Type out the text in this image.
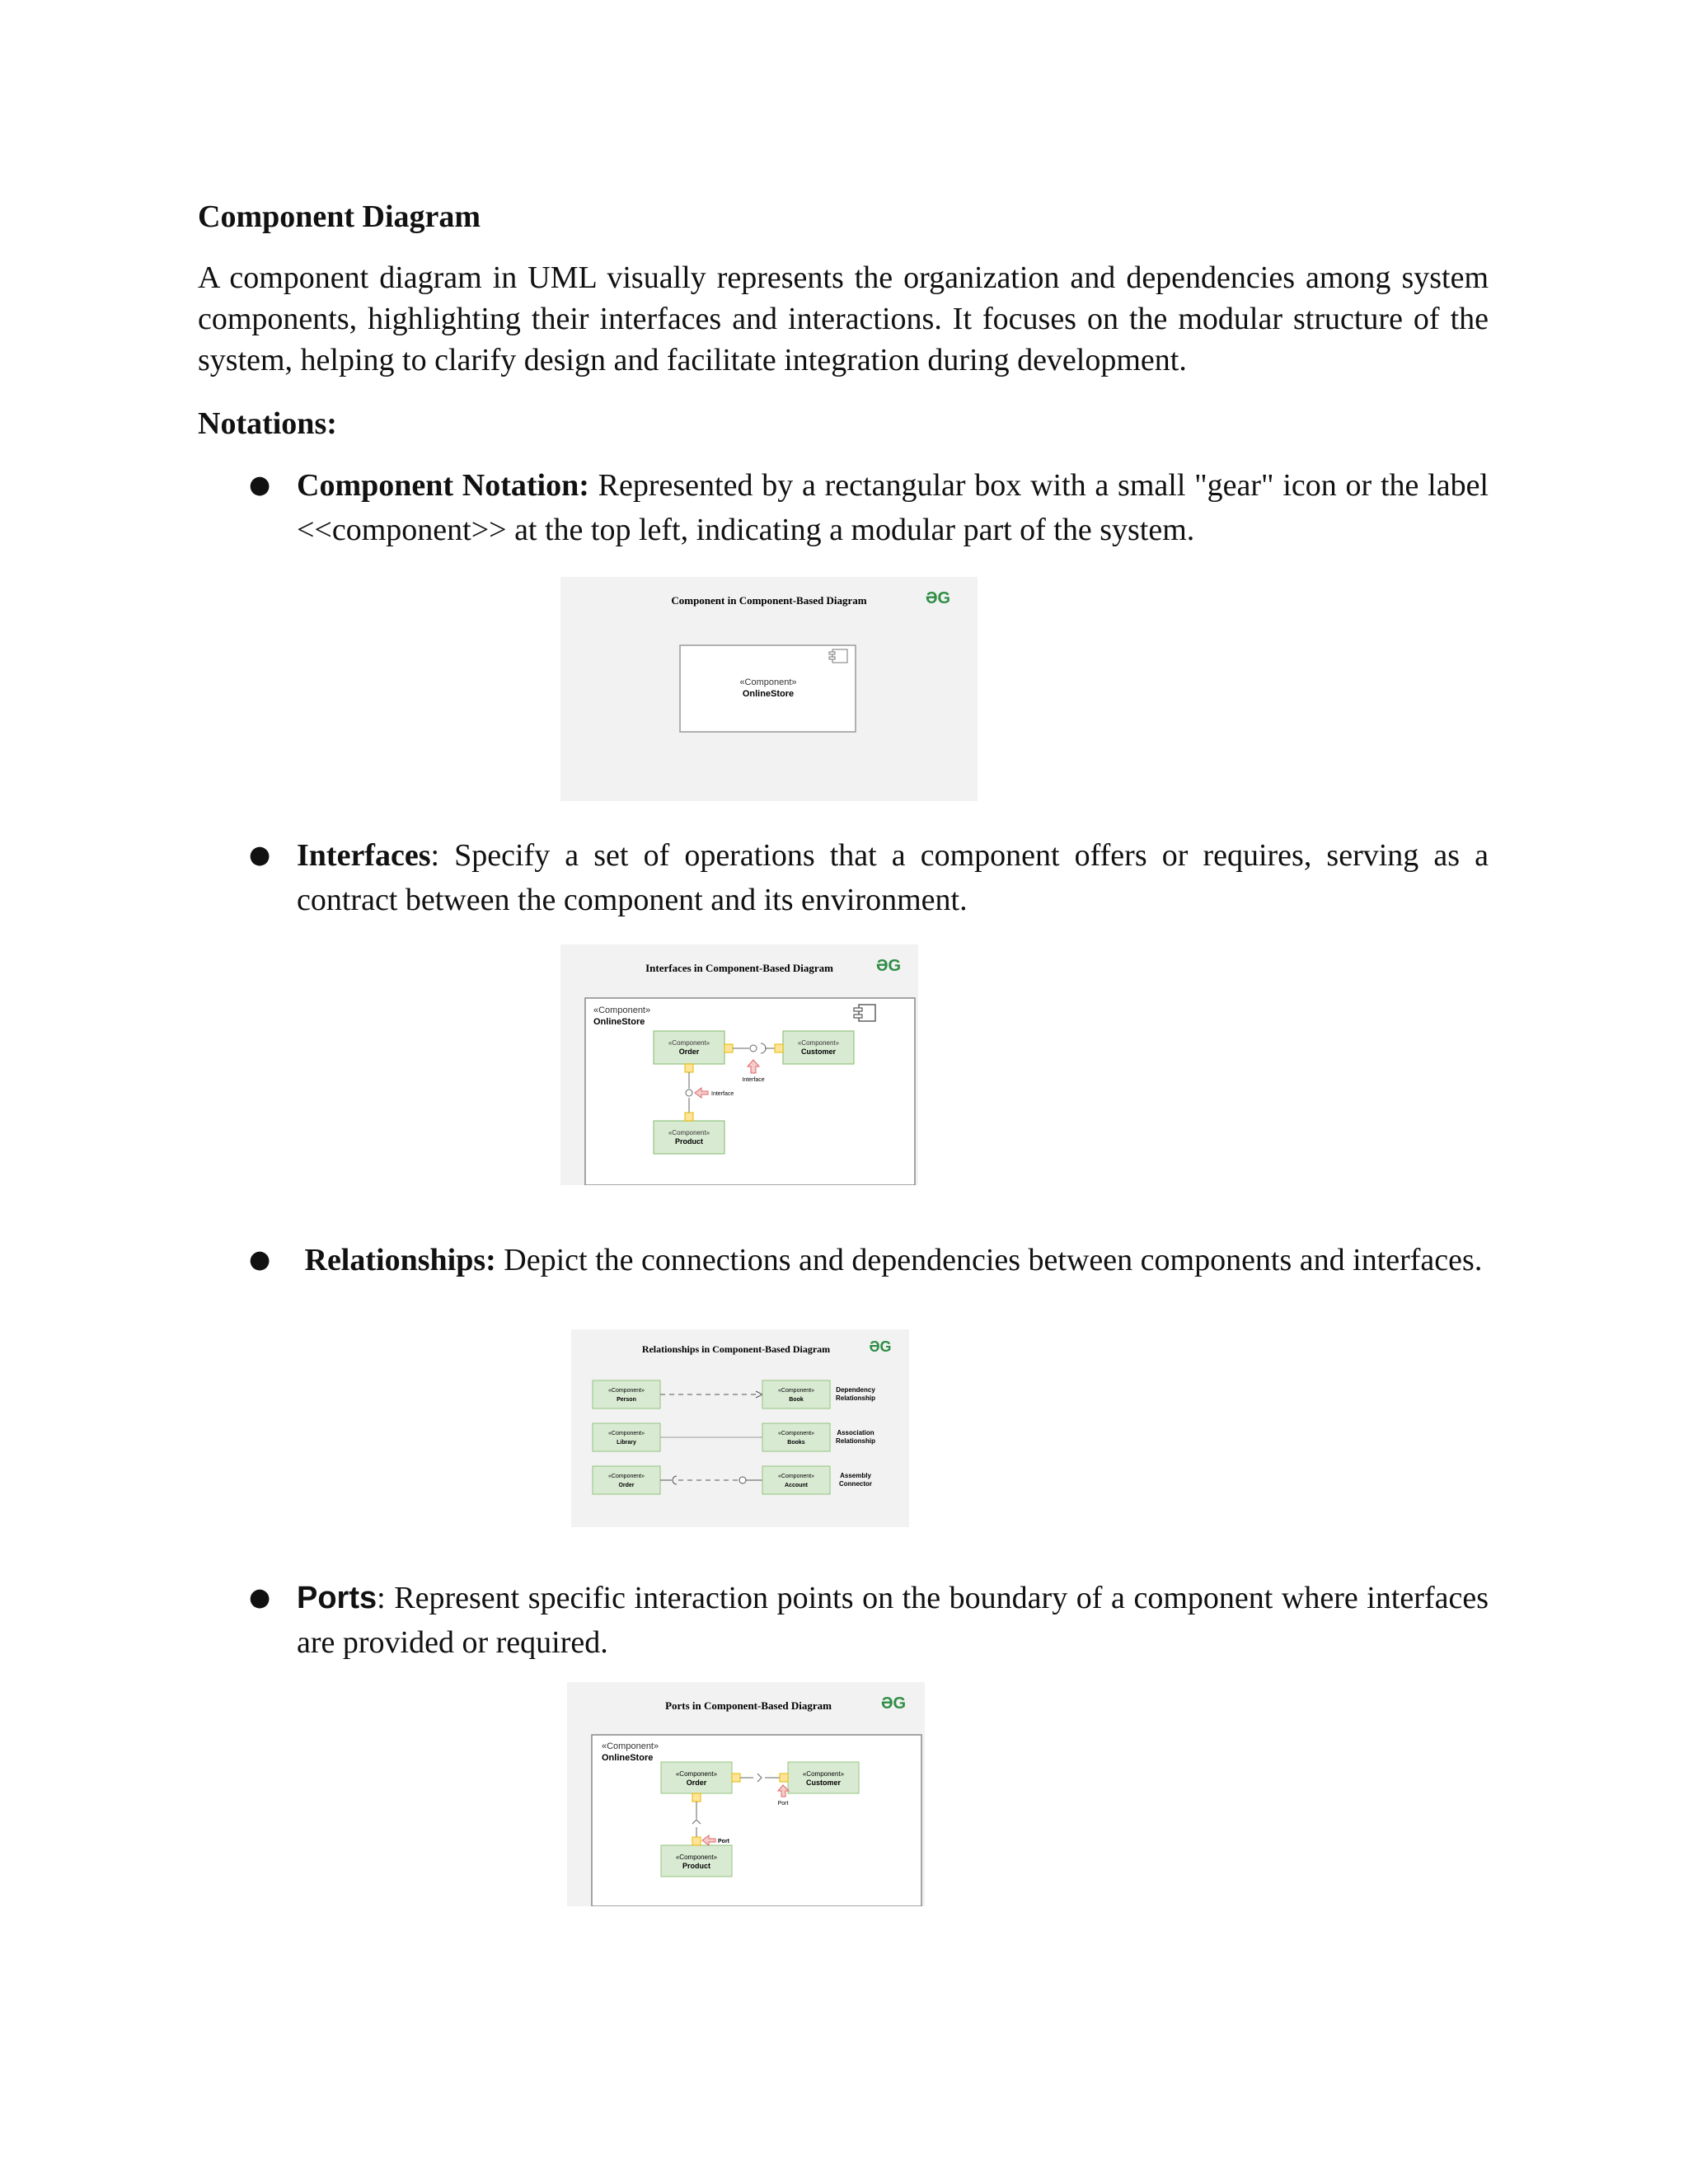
Component Diagram

A component diagram in UML visually represents the organization and dependencies among system components, highlighting their interfaces and interactions. It focuses on the modular structure of the system, helping to clarify design and facilitate integration during development.

Notations:
● Component Notation: Represented by a rectangular box with a small "gear" icon or the label <<component>> at the top left, indicating a modular part of the system.
Component in Component-Based Diagram	ƏG
«Component»
OnlineStore
● Interfaces: Specify a set of operations that a component offers or requires, serving as a contract between the component and its environment.
Interfaces in Component-Based Diagram	ƏG
«Component»
OnlineStore
«Component»
Order
«Component»
Customer
«Component»
Product
Interface
Interface
● Relationships: Depict the connections and dependencies between components and interfaces.
Relationships in Component-Based Diagram	ƏG
«Component»
Person
«Component»
Book
Dependency
Relationship
«Component»
Library
«Component»
Books
Association
Relationship
«Component»
Order
«Component»
Account
Assembly
Connector
● Ports: Represent specific interaction points on the boundary of a component where interfaces are provided or required.
Ports in Component-Based Diagram	ƏG
«Component»
OnlineStore
«Component»
Order
«Component»
Customer
«Component»
Product
Port
Port
